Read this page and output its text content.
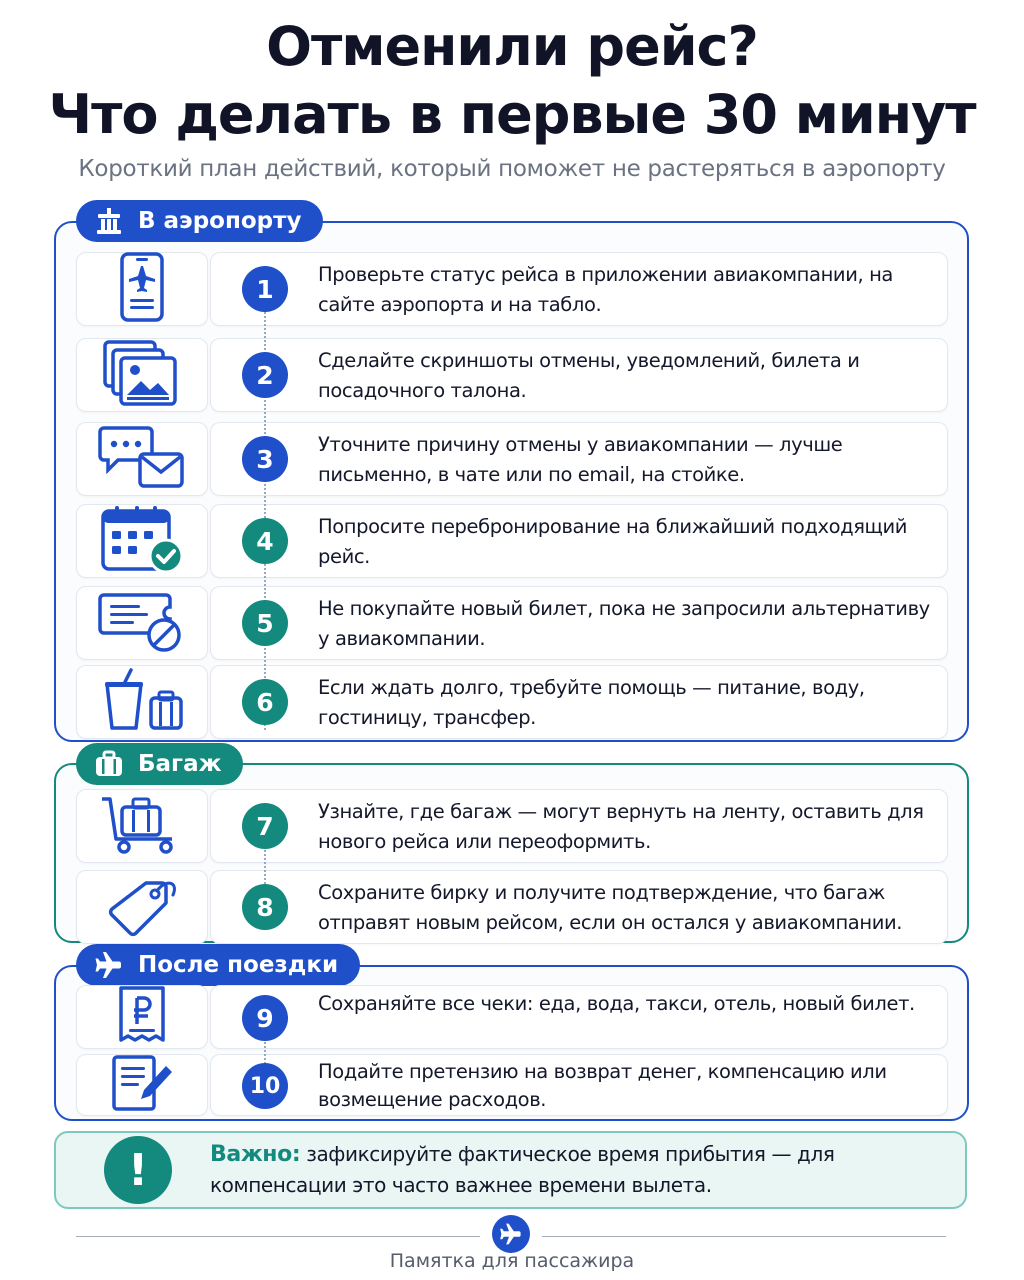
Отменили рейс?
Что делать в первые 30 минут
Короткий план действий, который поможет не растеряться в аэропорту
В аэропорту
Багаж
После поездки
1	Проверьте статус рейса в приложении авиакомпании, на сайте аэропорта и на табло.
2	Сделайте скриншоты отмены, уведомлений, билета и посадочного талона.
3	Уточните причину отмены у авиакомпании — лучше письменно, в чате или по email, на стойке.
4	Попросите перебронирование на ближайший подходящий рейс.
5	Не покупайте новый билет, пока не запросили альтернативу у авиакомпании.
6	Если ждать долго, требуйте помощь — питание, воду, гостиницу, трансфер.
7	Узнайте, где багаж — могут вернуть на ленту, оставить для нового рейса или переоформить.
8	Сохраните бирку и получите подтверждение, что багаж отправят новым рейсом, если он остался у авиакомпании.
9	Сохраняйте все чеки: еда, вода, такси, отель, новый билет.
10
Подайте претензию на возврат денег, компенсацию или возмещение расходов.
!	Важно: зафиксируйте фактическое время прибытия — для компенсации это часто важнее времени вылета.
Памятка для пассажира
